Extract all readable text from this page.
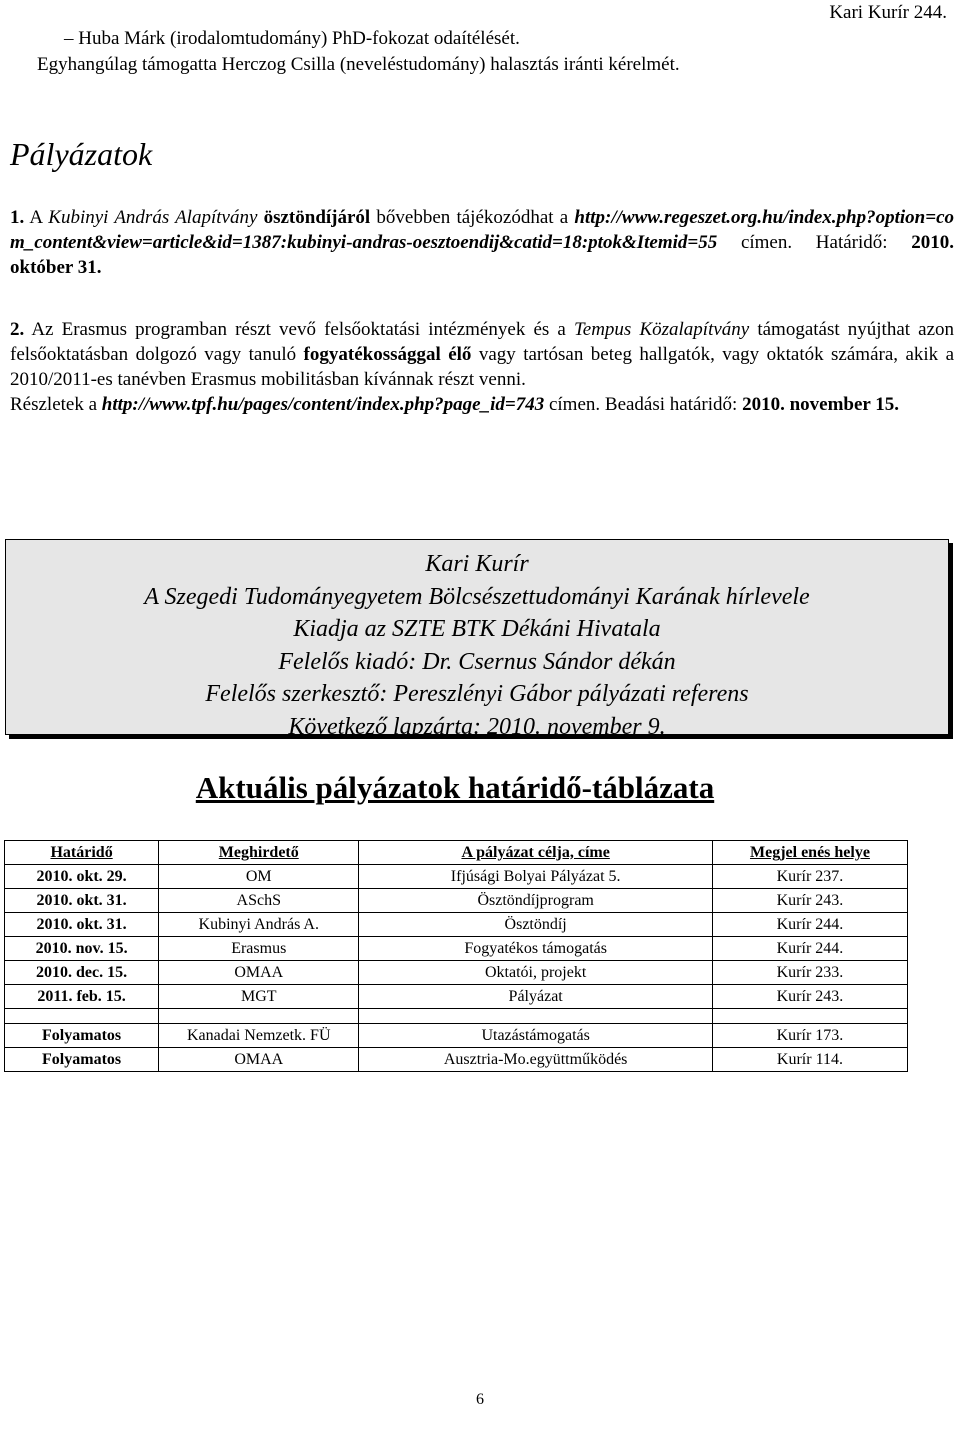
Kari Kurír 244.
– Huba Márk (irodalomtudomány) PhD-fokozat odaítélését.
Egyhangúlag támogatta Herczog Csilla (neveléstudomány) halasztás iránti kérelmét.
Pályázatok
1. A Kubinyi András Alapítvány ösztöndíjáról bővebben tájékozódhat a http://www.regeszet.org.hu/index.php?option=com_content&view=article&id=1387:kubinyi-andras-oesztoendij&catid=18:ptok&Itemid=55 címen. Határidő: 2010. október 31.
2. Az Erasmus programban részt vevő felsőoktatási intézmények és a Tempus Közalapítvány támogatást nyújthat azon felsőoktatásban dolgozó vagy tanuló fogyatékossággal élő vagy tartósan beteg hallgatók, vagy oktatók számára, akik a 2010/2011-es tanévben Erasmus mobilitásban kívánnak részt venni.
Részletek a http://www.tpf.hu/pages/content/index.php?page_id=743 címen. Beadási határidő: 2010. november 15.
Kari Kurír
A Szegedi Tudományegyetem Bölcsészettudományi Karának hírlevele
Kiadja az SZTE BTK Dékáni Hivatala
Felelős kiadó: Dr. Csernus Sándor dékán
Felelős szerkesztő: Pereszlényi Gábor pályázati referens
Következő lapzárta: 2010. november 9.
Aktuális pályázatok határidő-táblázata
Határidő	Meghirdető	A pályázat célja, címe	Megjel enés helye
2010. okt. 29.	OM	Ifjúsági Bolyai Pályázat 5.	Kurír 237.
2010. okt. 31.	ASchS	Ösztöndíjprogram	Kurír 243.
2010. okt. 31.	Kubinyi András A.	Ösztöndíj	Kurír 244.
2010. nov. 15.	Erasmus	Fogyatékos támogatás	Kurír 244.
2010. dec. 15.	OMAA	Oktatói, projekt	Kurír 233.
2011. feb. 15.	MGT	Pályázat	Kurír 243.

Folyamatos	Kanadai Nemzetk. FÜ	Utazástámogatás	Kurír 173.
Folyamatos	OMAA	Ausztria-Mo.együttműködés	Kurír 114.
6
